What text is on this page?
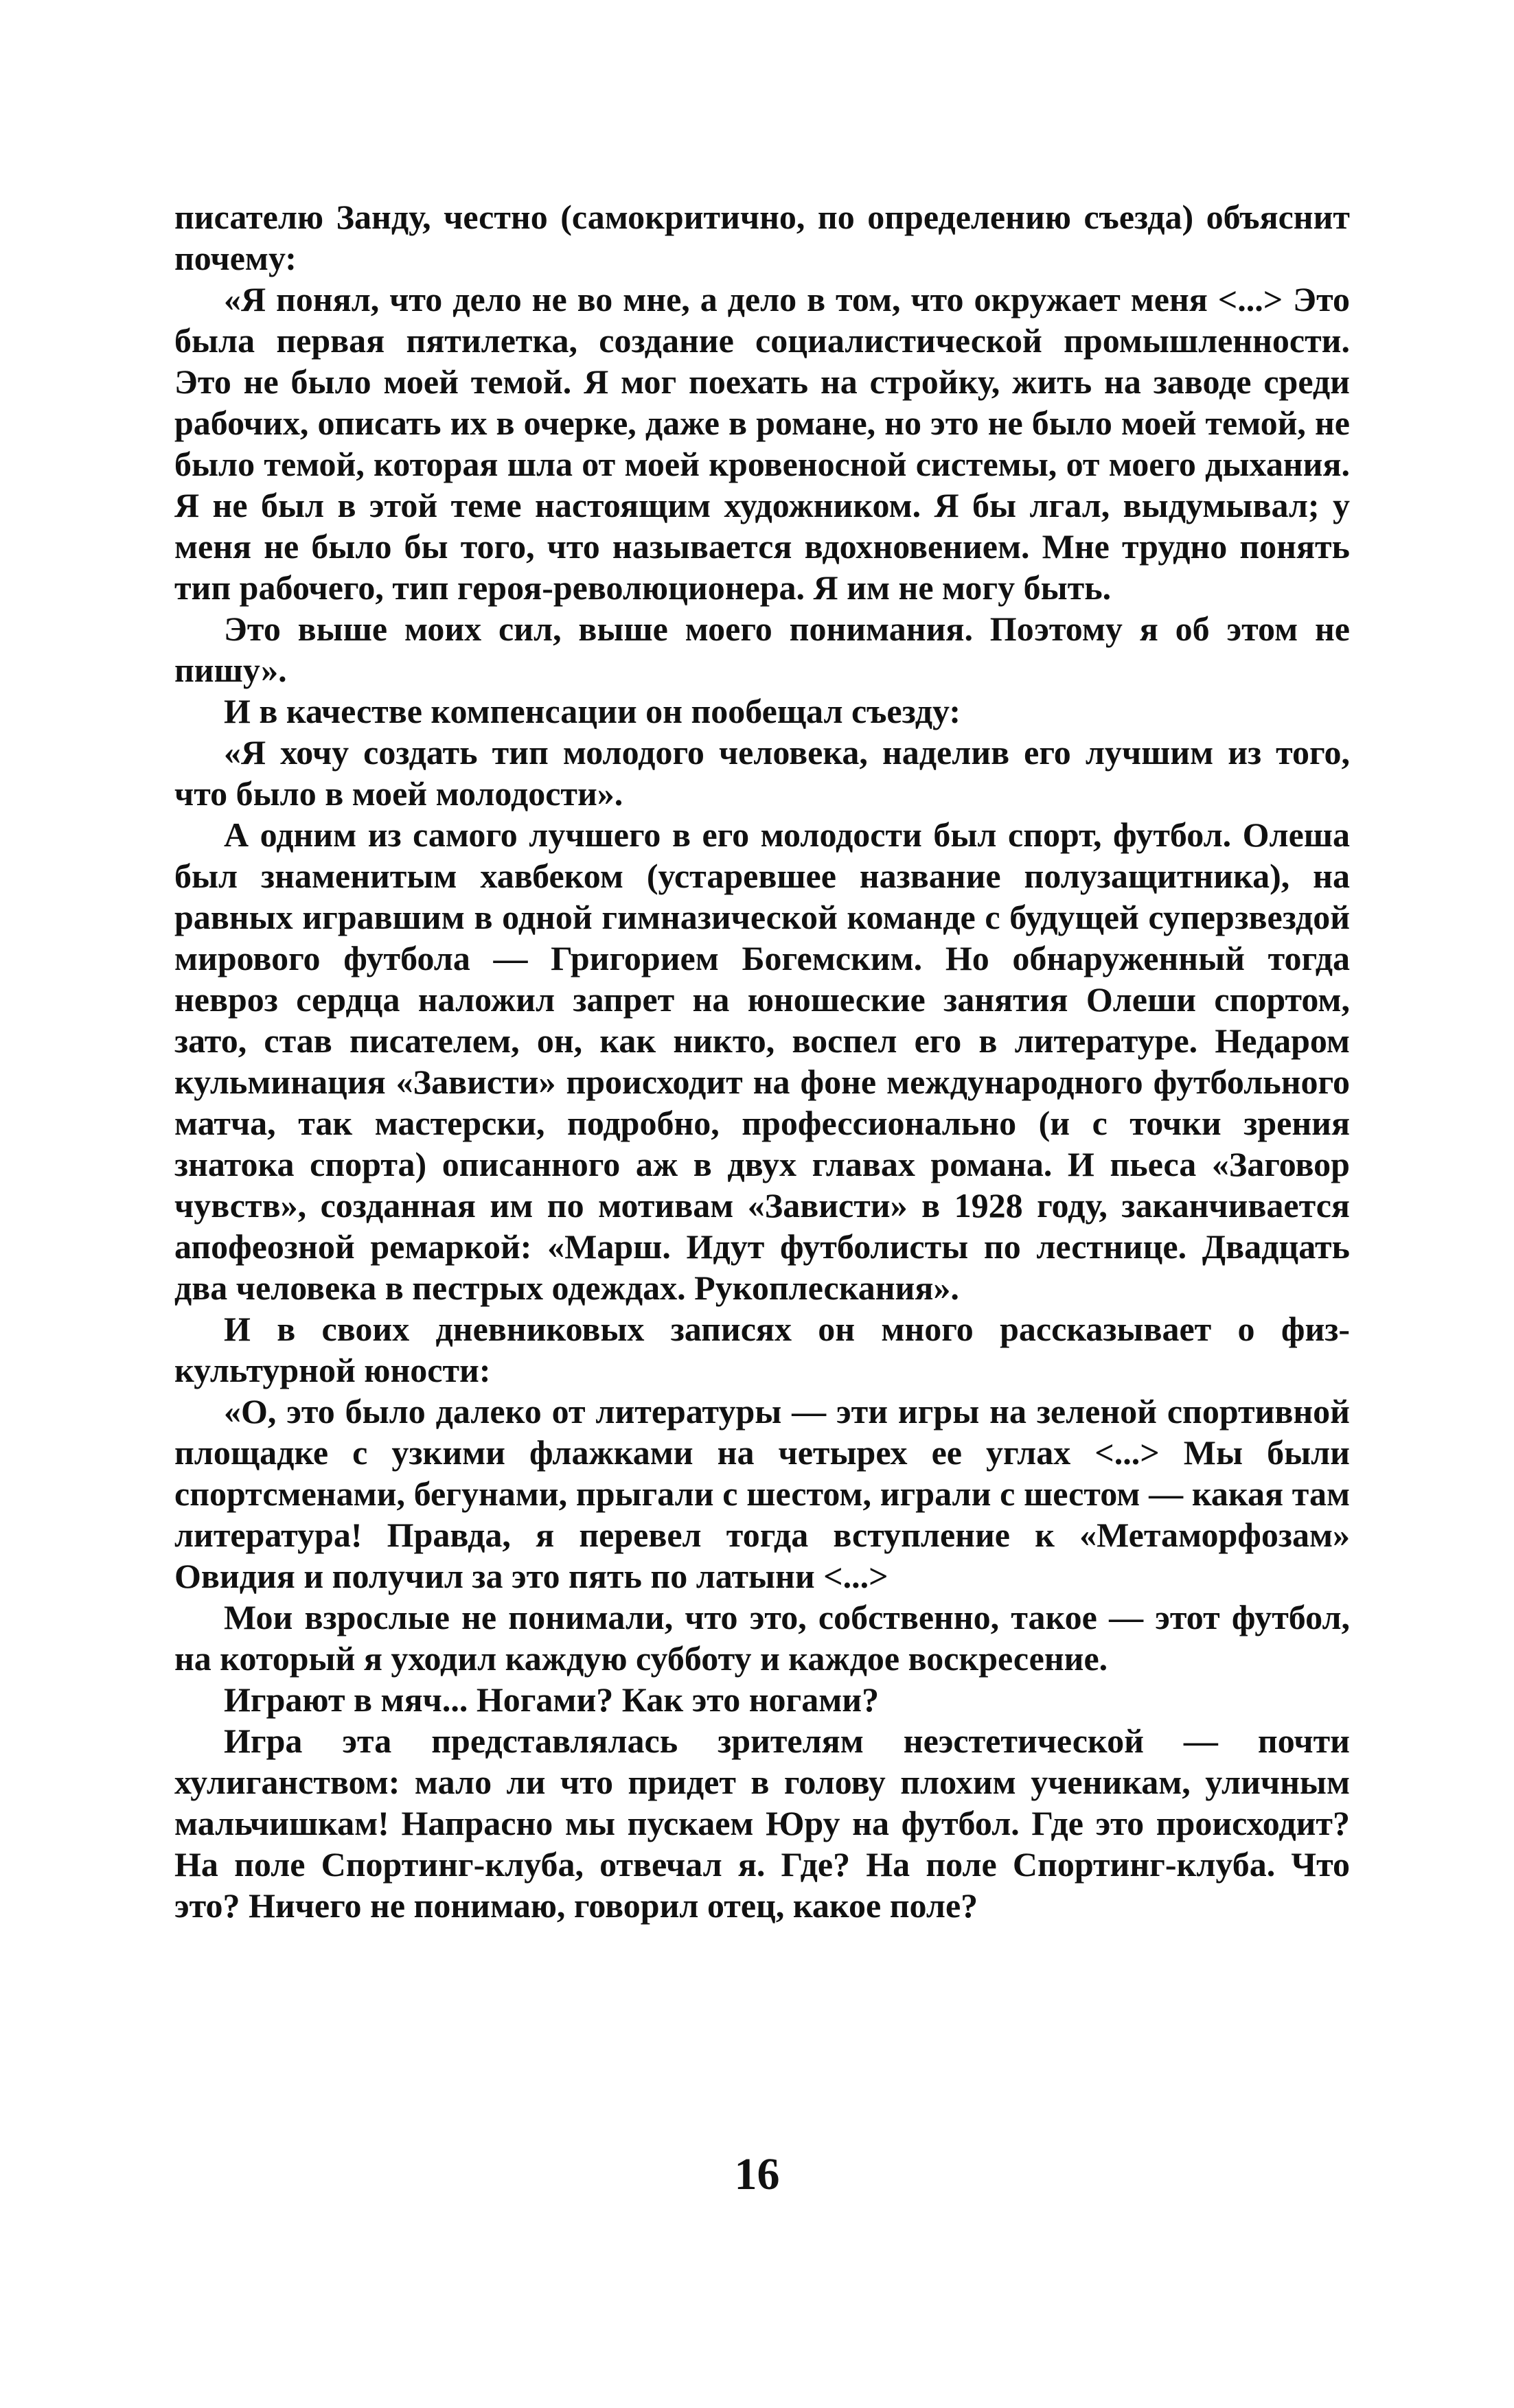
писателю Занду, честно (самокритично, по определению съезда) объяснит почему:

«Я понял, что дело не во мне, а дело в том, что окружает меня <...> Это была первая пятилетка, создание социалистической промышленности. Это не было моей темой. Я мог поехать на стройку, жить на заводе среди рабочих, описать их в очерке, даже в романе, но это не было моей темой, не было темой, которая шла от моей кровеносной системы, от моего дыхания. Я не был в этой теме настоящим художником. Я бы лгал, выдумывал; у меня не было бы того, что называется вдохновением. Мне трудно понять тип рабочего, тип героя-революционера. Я им не могу быть.

Это выше моих сил, выше моего понимания. Поэтому я об этом не пишу».

И в качестве компенсации он пообещал съезду:

«Я хочу создать тип молодого человека, наделив его лучшим из того, что было в моей молодости».

А одним из самого лучшего в его молодости был спорт, футбол. Олеша был знаменитым хавбеком (устаревшее название полузащитника), на равных игравшим в одной гимназической команде с будущей суперзвездой мирового футбола — Григорием Богемским. Но обнаруженный тогда невроз сердца наложил запрет на юношеские занятия Олеши спортом, зато, став писателем, он, как никто, воспел его в литературе. Недаром кульминация «Зависти» происходит на фоне международного футбольного матча, так мастерски, подробно, профессионально (и с точки зрения знатока спорта) описанного аж в двух главах романа. И пьеса «Заговор чувств», созданная им по мотивам «Зависти» в 1928 году, заканчивается апофеозной ремаркой: «Марш. Идут футболисты по лестнице. Двадцать два человека в пестрых одеждах. Рукоплескания».

И в своих дневниковых записях он много рассказывает о физкультурной юности:

«О, это было далеко от литературы — эти игры на зеленой спортивной площадке с узкими флажками на четырех ее углах <...> Мы были спортсменами, бегунами, прыгали с шестом, играли с шестом — какая там литература! Правда, я перевел тогда вступление к «Метаморфозам» Овидия и получил за это пять по латыни <...>

Мои взрослые не понимали, что это, собственно, такое — этот футбол, на который я уходил каждую субботу и каждое воскресение.

Играют в мяч... Ногами? Как это ногами?

Игра эта представлялась зрителям неэстетической — почти хулиганством: мало ли что придет в голову плохим ученикам, уличным мальчишкам! Напрасно мы пускаем Юру на футбол. Где это происходит? На поле Спортинг-клуба, отвечал я. Где? На поле Спортинг-клуба. Что это? Ничего не понимаю, говорил отец, какое поле?

16
